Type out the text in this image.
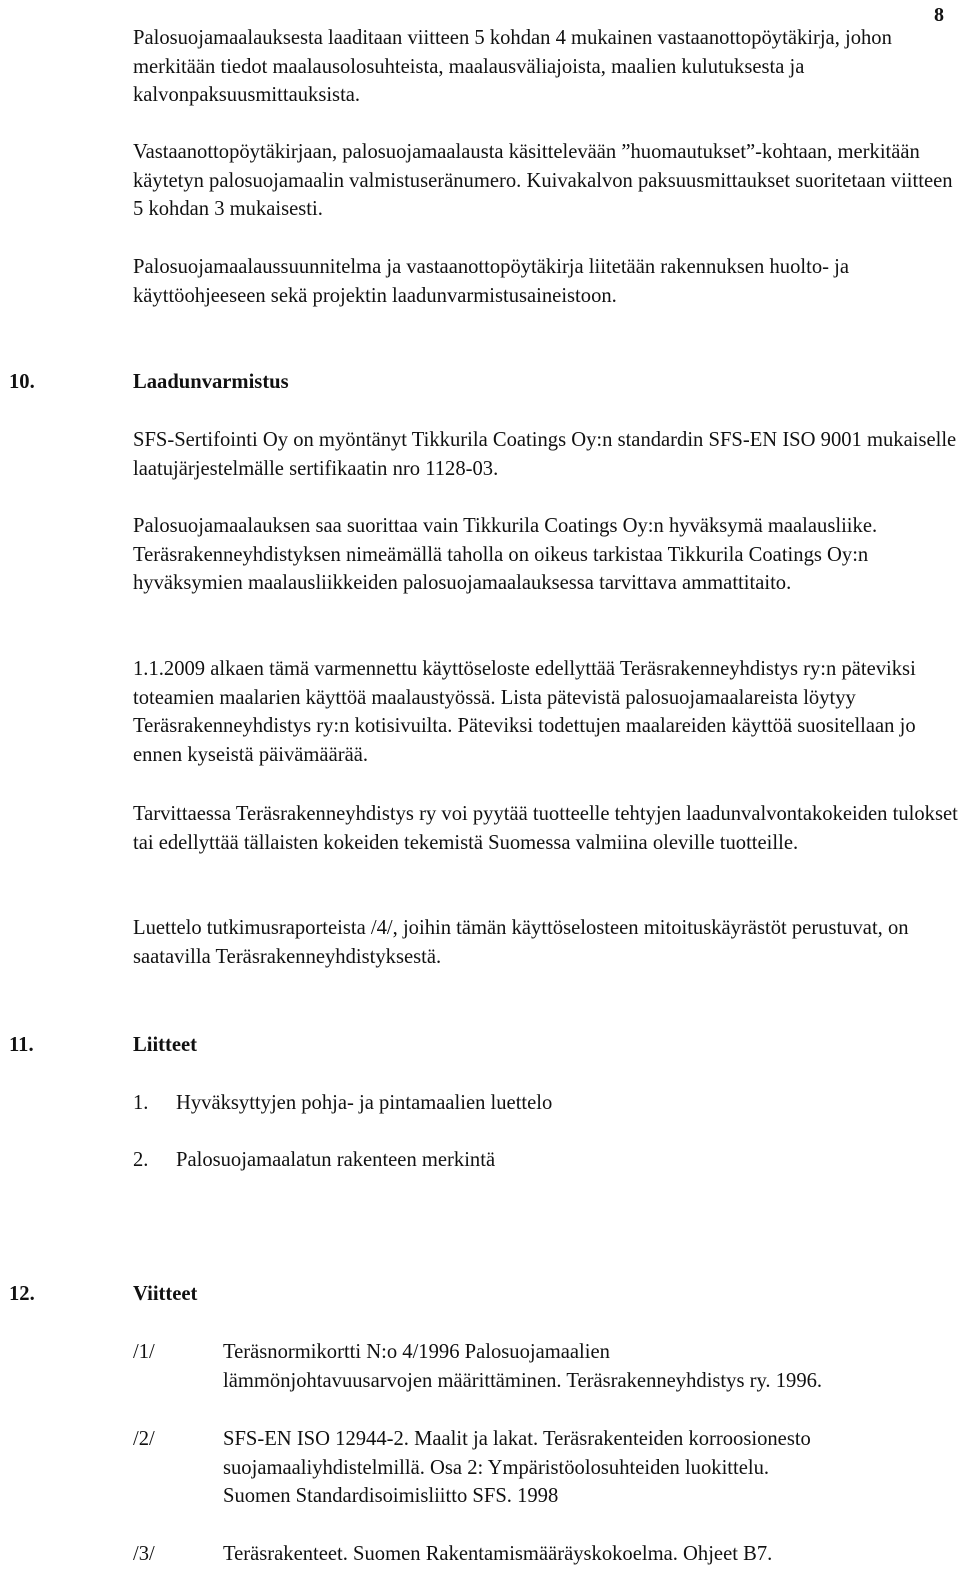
8

Palosuojamaalauksesta laaditaan viitteen 5 kohdan 4 mukainen vastaanottopöytäkirja, johon merkitään tiedot maalausolosuhteista, maalausväliajoista, maalien kulutuksesta ja kalvonpaksuusmittauksista.

Vastaanottopöytäkirjaan, palosuojamaalausta käsittelevään ”huomautukset”-kohtaan, merkitään käytetyn palosuojamaalin valmistuseränumero. Kuivakalvon paksuusmittaukset suoritetaan viitteen 5 kohdan 3 mukaisesti.

Palosuojamaalaussuunnitelma ja vastaanottopöytäkirja liitetään rakennuksen huolto- ja käyttöohjeeseen sekä projektin laadunvarmistusaineistoon.

10.	Laadunvarmistus

SFS-Sertifointi Oy on myöntänyt Tikkurila Coatings Oy:n standardin SFS-EN ISO 9001 mukaiselle laatujärjestelmälle sertifikaatin nro 1128-03.

Palosuojamaalauksen saa suorittaa vain Tikkurila Coatings Oy:n hyväksymä maalausliike. Teräsrakenneyhdistyksen nimeämällä taholla on oikeus tarkistaa Tikkurila Coatings Oy:n hyväksymien maalausliikkeiden palosuojamaalauksessa tarvittava ammattitaito.

1.1.2009 alkaen tämä varmennettu käyttöseloste edellyttää Teräsrakenneyhdistys ry:n päteviksi toteamien maalarien käyttöä maalaustyössä. Lista pätevistä palosuojamaalareista löytyy Teräsrakenneyhdistys ry:n kotisivuilta. Päteviksi todettujen maalareiden käyttöä suositellaan jo ennen kyseistä päivämäärää.

Tarvittaessa Teräsrakenneyhdistys ry voi pyytää tuotteelle tehtyjen laadunvalvontakokeiden tulokset tai edellyttää tällaisten kokeiden tekemistä Suomessa valmiina oleville tuotteille.

Luettelo tutkimusraporteista /4/, joihin tämän käyttöselosteen mitoituskäyrästöt perustuvat, on saatavilla Teräsrakenneyhdistyksestä.

11.	Liitteet

1. Hyväksyttyjen pohja- ja pintamaalien luettelo

2. Palosuojamaalatun rakenteen merkintä

12.	Viitteet
/1/	Teräsnormikortti N:o 4/1996 Palosuojamaalien
lämmönjohtavuusarvojen määrittäminen. Teräsrakenneyhdistys ry. 1996.
/2/	SFS-EN ISO 12944-2. Maalit ja lakat. Teräsrakenteiden korroosionesto
suojamaaliyhdistelmillä. Osa 2: Ympäristöolosuhteiden luokittelu.
Suomen Standardisoimisliitto SFS. 1998
/3/	Teräsrakenteet. Suomen Rakentamismääräyskokoelma. Ohjeet B7.
